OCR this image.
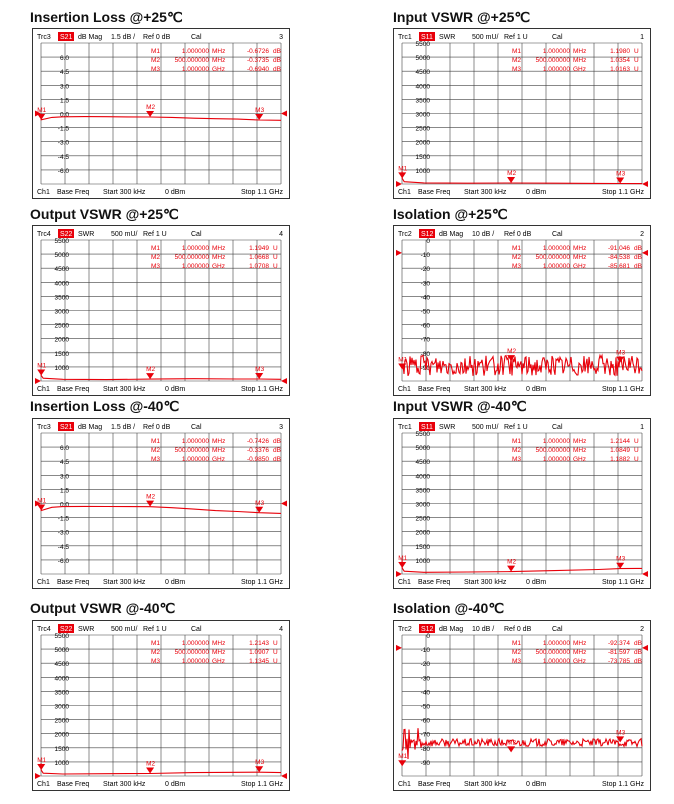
Insertion Loss @+25℃	Input VSWR @+25℃
Output VSWR @+25℃	Isolation @+25℃
Insertion Loss @-40℃	Input VSWR @-40℃
Output VSWR @-40℃	Isolation @-40℃
Trc3 S21 dB Mag 1.5 dB / Ref 0 dB	Cal	3
6.0
4.5
3.0
1.5
0.0
-1.5
-3.0
-4.5
-6.0
M1	M2	M3
M1	1.000000 MHz	-0.6726 dB
M2 500.000000 MHz	-0.3735 dB
M3	1.000000 GHz	-0.6940 dB
Ch1 Base Freq Start 300 kHz	0 dBm	Stop 1.1 GHz
Trc1 S11 SWR 500 mU/ Ref 1 U	Cal	1
5500
5000
4500
4000
3500
3000
2500
2000
1500
1000
M1
M2	M3
M1	1.000000 MHz	1.1980 U
M2 500.000000 MHz	1.0354 U
M3	1.000000 GHz	1.0163 U
Ch1 Base Freq Start 300 kHz	0 dBm	Stop 1.1 GHz
Trc4 S22 SWR 500 mU/ Ref 1 U	Cal	4
5500
5000
4500
4000
3500
3000
2500
2000
1500
1000
M1
M2	M3
M1	1.000000 MHz	1.1949 U
M2 500.000000 MHz	1.0668 U
M3	1.000000 GHz	1.0708 U
Ch1 Base Freq Start 300 kHz	0 dBm	Stop 1.1 GHz
Trc2 S12 dB Mag 10 dB / Ref 0 dB	Cal	2
0
-10
-20
-30
-40
-50
-60
-70
-80
-90
M1
M2	M3
M1	1.000000 MHz	-91.046 dB
M2 500.000000 MHz	-84.538 dB
M3	1.000000 GHz	-85.681 dB
Ch1 Base Freq Start 300 kHz	0 dBm	Stop 1.1 GHz
Trc3 S21 dB Mag 1.5 dB / Ref 0 dB	Cal	3
6.0
4.5
3.0
1.5
0.0
-1.5
-3.0
-4.5
-6.0
M1
M2
M3
M1	1.000000 MHz	-0.7426 dB
M2 500.000000 MHz	-0.3376 dB
M3	1.000000 GHz	-0.9850 dB
Ch1 Base Freq Start 300 kHz	0 dBm	Stop 1.1 GHz
Trc1 S11 SWR 500 mU/ Ref 1 U	Cal	1
5500
5000
4500
4000
3500
3000
2500
2000
1500
1000
M1
M2	M3
M1	1.000000 MHz	1.2144 U
M2 500.000000 MHz	1.0849 U
M3	1.000000 GHz	1.1882 U
Ch1 Base Freq Start 300 kHz	0 dBm	Stop 1.1 GHz
Trc4 S22 SWR 500 mU/ Ref 1 U	Cal	4
5500
5000
4500
4000
3500
3000
2500
2000
1500
1000
M1	M2	M3
M1	1.000000 MHz	1.2143 U
M2 500.000000 MHz	1.0907 U
M3	1.000000 GHz	1.1345 U
Ch1 Base Freq Start 300 kHz	0 dBm	Stop 1.1 GHz
Trc2 S12 dB Mag 10 dB / Ref 0 dB	Cal	2
0
-10
-20
-30
-40
-50
-60
-70
-80
-90
M1
M2
M3
M1	1.000000 MHz	-92.374 dB
M2 500.000000 MHz	-81.597 dB
M3	1.000000 GHz	-73.785 dB
Ch1 Base Freq Start 300 kHz	0 dBm	Stop 1.1 GHz
